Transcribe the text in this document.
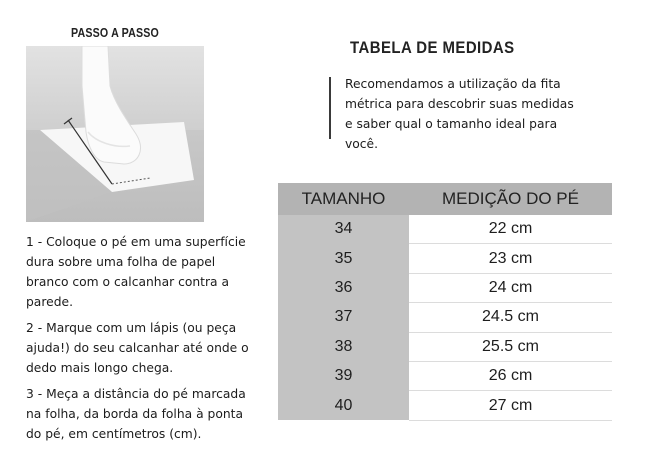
PASSO A PASSO

1 - Coloque o pé em uma superfície dura sobre uma folha de papel branco com o calcanhar contra a parede.

2 - Marque com um lápis (ou peça ajuda!) do seu calcanhar até onde o dedo mais longo chega.

3 - Meça a distância do pé marcada na folha, da borda da folha à ponta do pé, em centímetros (cm).

TABELA DE MEDIDAS
Recomendamos a utilização da fita métrica para descobrir suas medidas e saber qual o tamanho ideal para você.
TAMANHO	MEDIÇÃO DO PÉ
34	22 cm
35	23 cm
36	24 cm
37	24.5 cm
38	25.5 cm
39	26 cm
40	27 cm
